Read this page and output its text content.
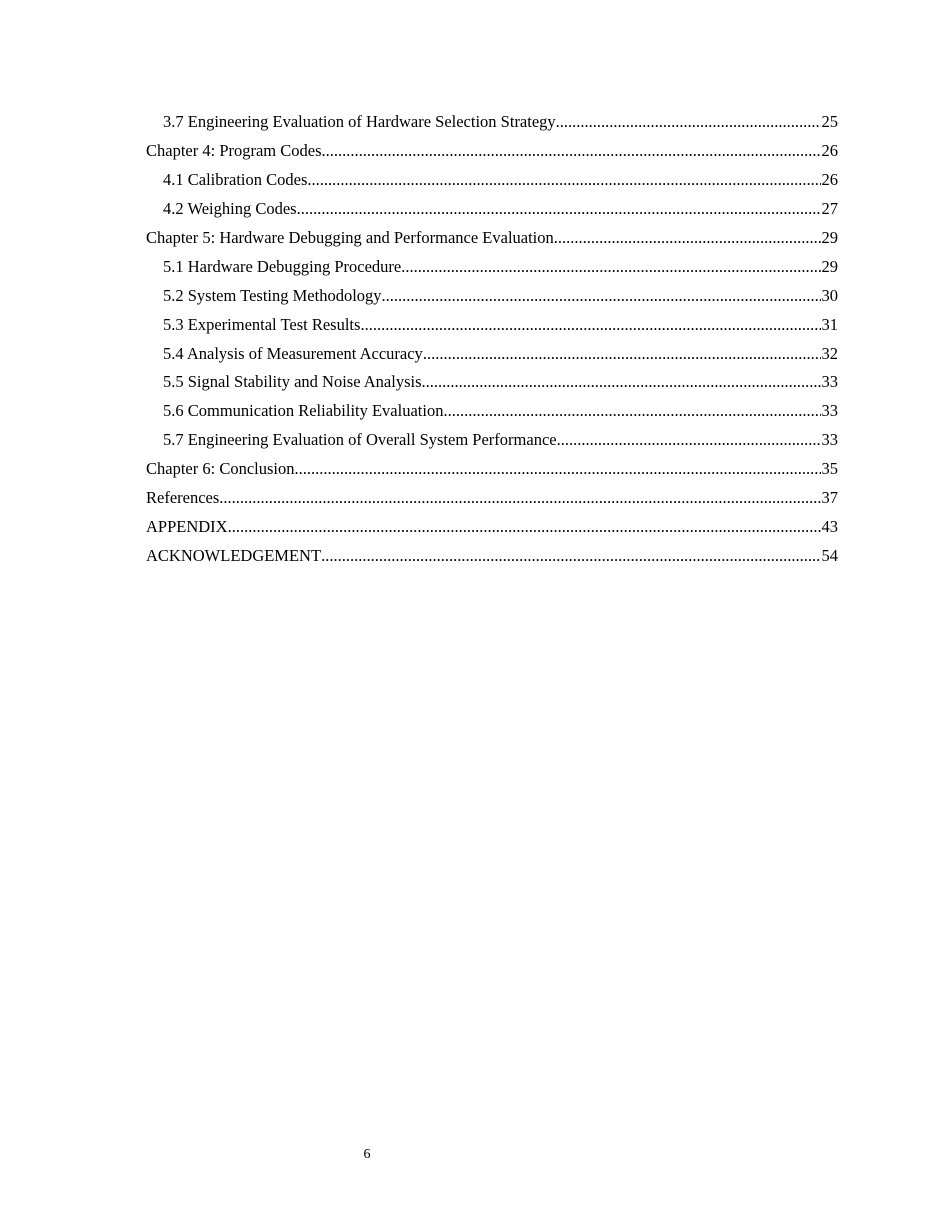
3.7 Engineering Evaluation of Hardware Selection Strategy .....	25
Chapter 4: Program Codes .....	26
4.1 Calibration Codes .....	26
4.2 Weighing Codes .....	27
Chapter 5: Hardware Debugging and Performance Evaluation .....	29
5.1 Hardware Debugging Procedure .....	29
5.2 System Testing Methodology .....	30
5.3 Experimental Test Results .....	31
5.4 Analysis of Measurement Accuracy .....	32
5.5 Signal Stability and Noise Analysis .....	33
5.6 Communication Reliability Evaluation .....	33
5.7 Engineering Evaluation of Overall System Performance .....	33
Chapter 6: Conclusion .....	35
References .....	37
APPENDIX .....	43
ACKNOWLEDGEMENT .....	54
6
